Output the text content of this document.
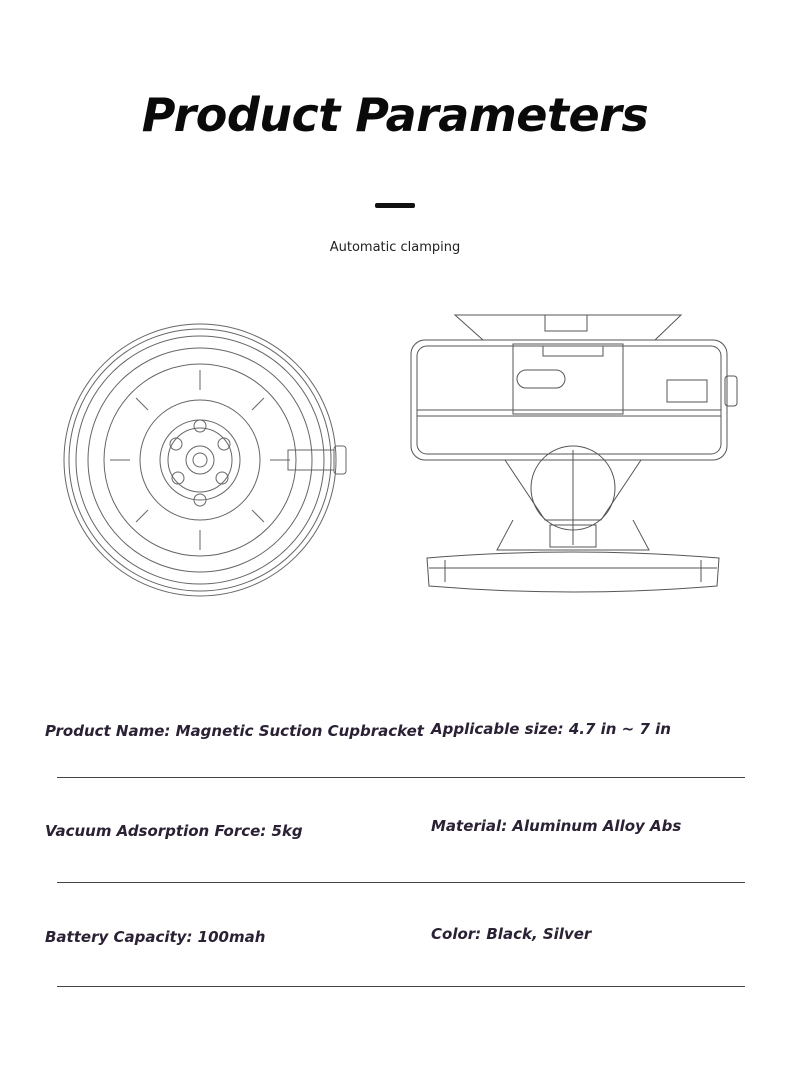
Product Parameters
Automatic clamping
Product Name: Magnetic Suction Cupbracket Applicable size: 4.7 in ~ 7 in
Vacuum Adsorption Force: 5kg	Material: Aluminum Alloy Abs
Battery Capacity: 100mah	Color: Black, Silver
